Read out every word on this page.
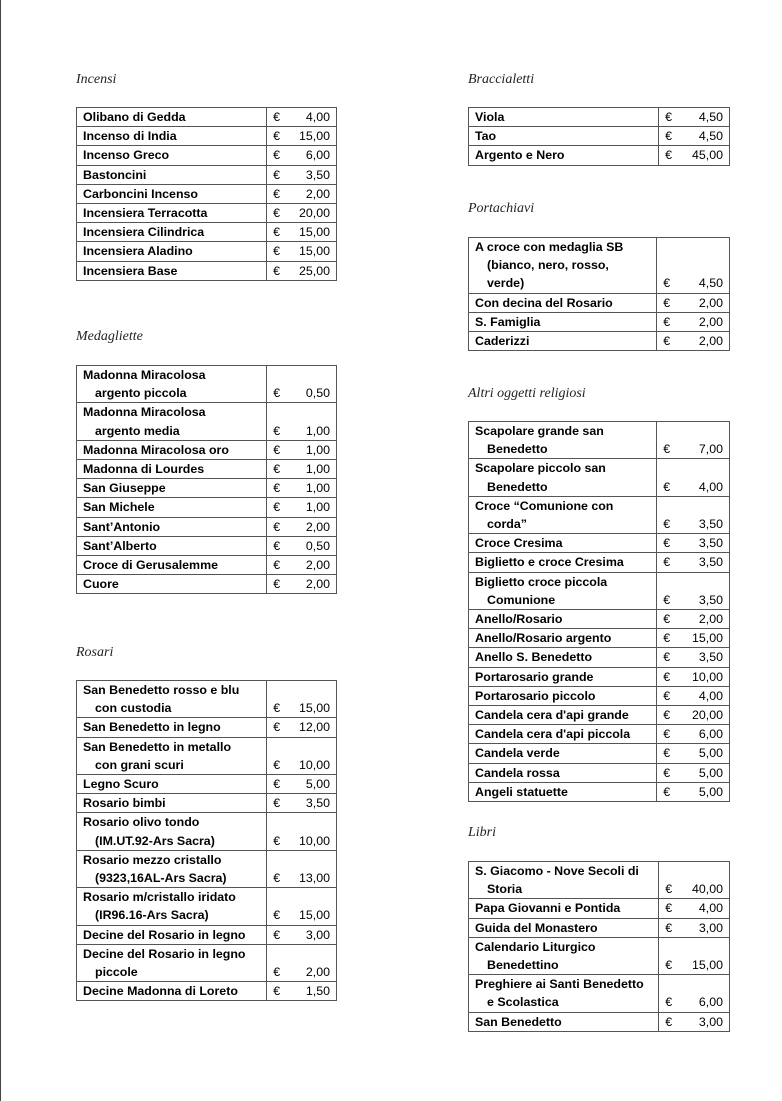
Incensi

Medagliette

Rosari

Braccialetti

Portachiavi

Altri oggetti religiosi

Libri

Olibano di Gedda	€ 4,00

Incenso di India	€ 15,00

Incenso Greco	€ 6,00

Bastoncini	€ 3,50

Carboncini Incenso	€ 2,00

Incensiera Terracotta	€ 20,00

Incensiera Cilindrica	€ 15,00

Incensiera Aladino	€ 15,00

Incensiera Base	€ 25,00
Madonna Miracolosa
argento piccola	€ 0,50

Madonna Miracolosa
argento media	€ 1,00

Madonna Miracolosa oro	€ 1,00

Madonna di Lourdes	€ 1,00

San Giuseppe	€ 1,00

San Michele	€ 1,00

Sant’Antonio	€ 2,00

Sant’Alberto	€ 0,50

Croce di Gerusalemme	€ 2,00

Cuore	€ 2,00
San Benedetto rosso e blu
con custodia	€ 15,00

San Benedetto in legno	€ 12,00

San Benedetto in metallo
con grani scuri	€ 10,00

Legno Scuro	€ 5,00

Rosario bimbi	€ 3,50

Rosario olivo tondo
(IM.UT.92-Ars Sacra)	€ 10,00

Rosario mezzo cristallo
(9323,16AL-Ars Sacra)	€ 13,00

Rosario m/cristallo iridato
(IR96.16-Ars Sacra)	€ 15,00

Decine del Rosario in legno	€ 3,00

Decine del Rosario in legno
piccole	€ 2,00

Decine Madonna di Loreto	€ 1,50
Viola	€ 4,50

Tao	€ 4,50

Argento e Nero	€ 45,00
A croce con medaglia SB
(bianco, nero, rosso,
verde)	€ 4,50

Con decina del Rosario	€ 2,00

S. Famiglia	€ 2,00

Caderizzi	€ 2,00
Scapolare grande san
Benedetto	€ 7,00

Scapolare piccolo san
Benedetto	€ 4,00

Croce “Comunione con
corda”	€ 3,50

Croce Cresima	€ 3,50

Biglietto e croce Cresima	€ 3,50

Biglietto croce piccola
Comunione	€ 3,50

Anello/Rosario	€ 2,00

Anello/Rosario argento	€ 15,00

Anello S. Benedetto	€ 3,50

Portarosario grande	€ 10,00

Portarosario piccolo	€ 4,00

Candela cera d'api grande	€ 20,00

Candela cera d'api piccola	€ 6,00

Candela verde	€ 5,00

Candela rossa	€ 5,00

Angeli statuette	€ 5,00
S. Giacomo - Nove Secoli di
Storia	€ 40,00

Papa Giovanni e Pontida	€ 4,00

Guida del Monastero	€ 3,00

Calendario Liturgico
Benedettino	€ 15,00

Preghiere ai Santi Benedetto
e Scolastica	€ 6,00

San Benedetto	€ 3,00
